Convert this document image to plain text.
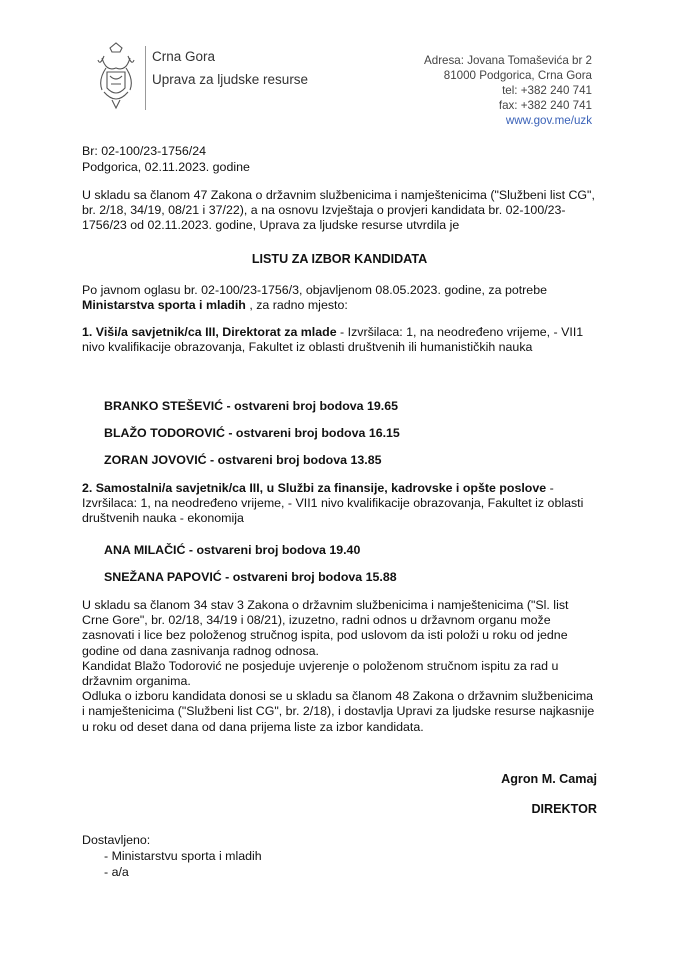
Crna Gora
Uprava za ljudske resurse
Adresa: Jovana Tomaševića br 2
81000 Podgorica, Crna Gora
tel: +382 240 741
fax: +382 240 741
www.gov.me/uzk

Br: 02-100/23-1756/24

Podgorica, 02.11.2023. godine

U skladu sa članom 47 Zakona o državnim službenicima i namještenicima ("Službeni list CG",

br. 2/18, 34/19, 08/21 i 37/22), a na osnovu Izvještaja o provjeri kandidata br. 02-100/23-

1756/23 od 02.11.2023. godine, Uprava za ljudske resurse utvrdila je

LISTU ZA IZBOR KANDIDATA

Po javnom oglasu br. 02-100/23-1756/3, objavljenom 08.05.2023. godine, za potrebe

Ministarstva sporta i mladih , za radno mjesto:

1. Viši/a savjetnik/ca III, Direktorat za mlade - Izvršilaca: 1, na neodređeno vrijeme, - VII1

nivo kvalifikacije obrazovanja, Fakultet iz oblasti društvenih ili humanističkih nauka

BRANKO STEŠEVIĆ - ostvareni broj bodova 19.65
BLAŽO TODOROVIĆ - ostvareni broj bodova 16.15
ZORAN JOVOVIĆ - ostvareni broj bodova 13.85

2. Samostalni/a savjetnik/ca III, u Službi za finansije, kadrovske i opšte poslove -

Izvršilaca: 1, na neodređeno vrijeme, - VII1 nivo kvalifikacije obrazovanja, Fakultet iz oblasti

društvenih nauka - ekonomija

ANA MILAČIĆ - ostvareni broj bodova 19.40
SNEŽANA PAPOVIĆ - ostvareni broj bodova 15.88

U skladu sa članom 34 stav 3 Zakona o državnim službenicima i namještenicima ("Sl. list

Crne Gore", br. 02/18, 34/19 i 08/21), izuzetno, radni odnos u državnom organu može

zasnovati i lice bez položenog stručnog ispita, pod uslovom da isti položi u roku od jedne

godine od dana zasnivanja radnog odnosa.

Kandidat Blažo Todorović ne posjeduje uvjerenje o položenom stručnom ispitu za rad u

državnim organima.

Odluka o izboru kandidata donosi se u skladu sa članom 48 Zakona o državnim službenicima

i namještenicima ("Službeni list CG", br. 2/18), i dostavlja Upravi za ljudske resurse najkasnije

u roku od deset dana od dana prijema liste za izbor kandidata.

Agron M. Camaj
DIREKTOR

Dostavljeno:

- Ministarstvu sporta i mladih

- a/a
